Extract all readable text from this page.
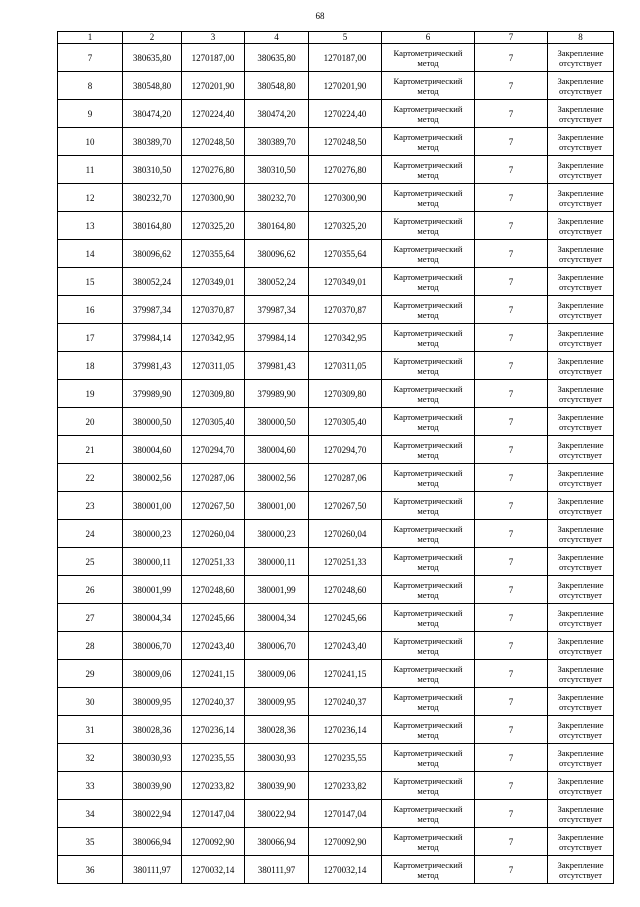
68
1	2	3	4	5	6	7	8
7	380635,80	1270187,00	380635,80	1270187,00	Картометрический метод	7	Закрепление отсутствует
8	380548,80	1270201,90	380548,80	1270201,90	Картометрический метод	7	Закрепление отсутствует
9	380474,20	1270224,40	380474,20	1270224,40	Картометрический метод	7	Закрепление отсутствует
10	380389,70	1270248,50	380389,70	1270248,50	Картометрический метод	7	Закрепление отсутствует
11	380310,50	1270276,80	380310,50	1270276,80	Картометрический метод	7	Закрепление отсутствует
12	380232,70	1270300,90	380232,70	1270300,90	Картометрический метод	7	Закрепление отсутствует
13	380164,80	1270325,20	380164,80	1270325,20	Картометрический метод	7	Закрепление отсутствует
14	380096,62	1270355,64	380096,62	1270355,64	Картометрический метод	7	Закрепление отсутствует
15	380052,24	1270349,01	380052,24	1270349,01	Картометрический метод	7	Закрепление отсутствует
16	379987,34	1270370,87	379987,34	1270370,87	Картометрический метод	7	Закрепление отсутствует
17	379984,14	1270342,95	379984,14	1270342,95	Картометрический метод	7	Закрепление отсутствует
18	379981,43	1270311,05	379981,43	1270311,05	Картометрический метод	7	Закрепление отсутствует
19	379989,90	1270309,80	379989,90	1270309,80	Картометрический метод	7	Закрепление отсутствует
20	380000,50	1270305,40	380000,50	1270305,40	Картометрический метод	7	Закрепление отсутствует
21	380004,60	1270294,70	380004,60	1270294,70	Картометрический метод	7	Закрепление отсутствует
22	380002,56	1270287,06	380002,56	1270287,06	Картометрический метод	7	Закрепление отсутствует
23	380001,00	1270267,50	380001,00	1270267,50	Картометрический метод	7	Закрепление отсутствует
24	380000,23	1270260,04	380000,23	1270260,04	Картометрический метод	7	Закрепление отсутствует
25	380000,11	1270251,33	380000,11	1270251,33	Картометрический метод	7	Закрепление отсутствует
26	380001,99	1270248,60	380001,99	1270248,60	Картометрический метод	7	Закрепление отсутствует
27	380004,34	1270245,66	380004,34	1270245,66	Картометрический метод	7	Закрепление отсутствует
28	380006,70	1270243,40	380006,70	1270243,40	Картометрический метод	7	Закрепление отсутствует
29	380009,06	1270241,15	380009,06	1270241,15	Картометрический метод	7	Закрепление отсутствует
30	380009,95	1270240,37	380009,95	1270240,37	Картометрический метод	7	Закрепление отсутствует
31	380028,36	1270236,14	380028,36	1270236,14	Картометрический метод	7	Закрепление отсутствует
32	380030,93	1270235,55	380030,93	1270235,55	Картометрический метод	7	Закрепление отсутствует
33	380039,90	1270233,82	380039,90	1270233,82	Картометрический метод	7	Закрепление отсутствует
34	380022,94	1270147,04	380022,94	1270147,04	Картометрический метод	7	Закрепление отсутствует
35	380066,94	1270092,90	380066,94	1270092,90	Картометрический метод	7	Закрепление отсутствует
36	380111,97	1270032,14	380111,97	1270032,14	Картометрический метод	7	Закрепление отсутствует
